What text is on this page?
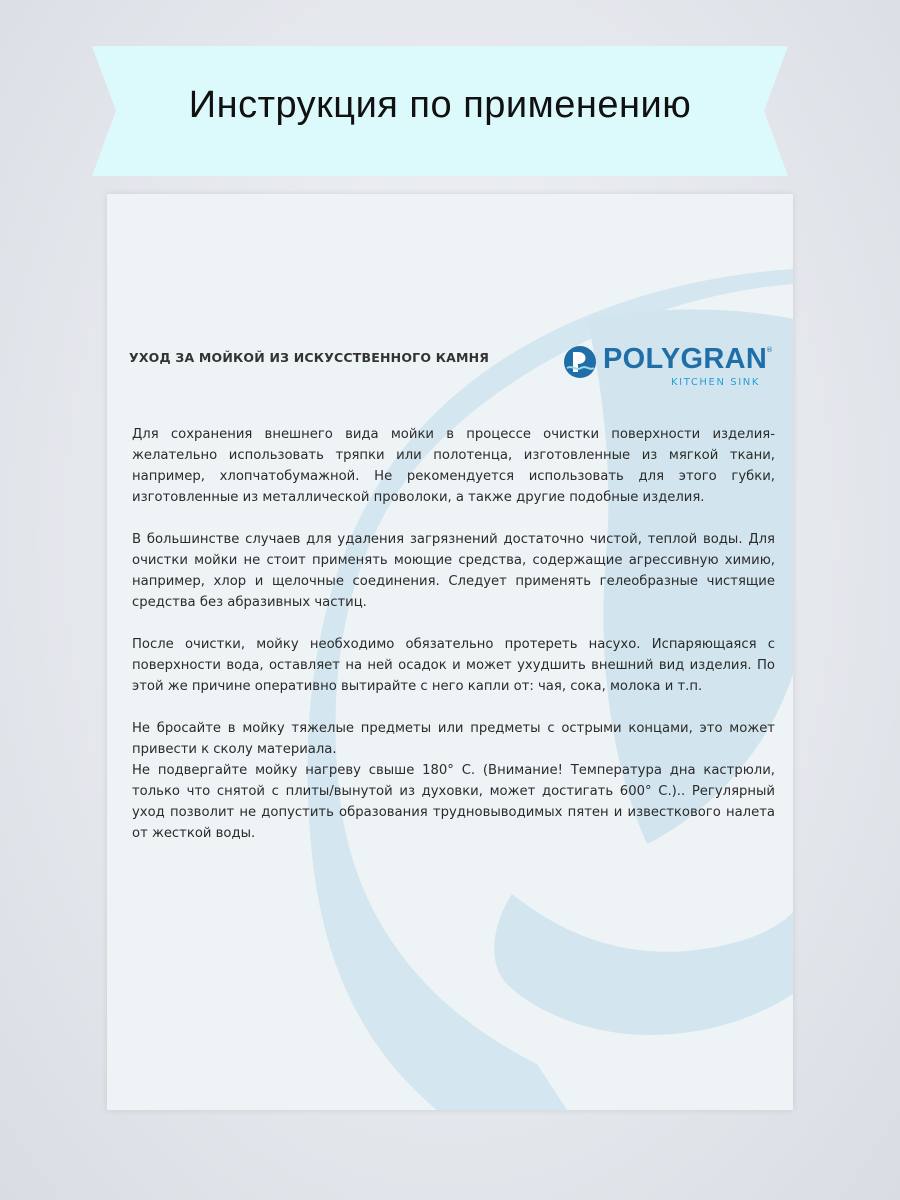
Инструкция по применению
УХОД ЗА МОЙКОЙ ИЗ ИСКУССТВЕННОГО КАМНЯ	POLYGRAN
®
KITCHEN SINK

Для сохранения внешнего вида мойки в процессе очистки поверхности изделия- желательно использовать тряпки или полотенца, изготовленные из мягкой ткани, например, хлопчатобумажной. Не рекомендуется использовать для этого губки, изготовленные из металлической проволоки, а также другие подобные изделия.

В большинстве случаев для удаления загрязнений достаточно чистой, теплой воды. Для очистки мойки не стоит применять моющие средства, содержащие агрессивную химию, например, хлор и щелочные соединения. Следует применять гелеобразные чистящие средства без абразивных частиц.

После очистки, мойку необходимо обязательно протереть насухо. Испаряющаяся с поверхности вода, оставляет на ней осадок и может ухудшить внешний вид изделия. По этой же причине оперативно вытирайте с него капли от: чая, сока, молока и т.п.

Не бросайте в мойку тяжелые предметы или предметы с острыми концами, это может привести к сколу материала.

Не подвергайте мойку нагреву свыше 180° С. (Внимание! Температура дна кастрюли, только что снятой с плиты/вынутой из духовки, может достигать 600° С.).. Регулярный уход позволит не допустить образования трудновыводимых пятен и известкового налета от жесткой воды.
